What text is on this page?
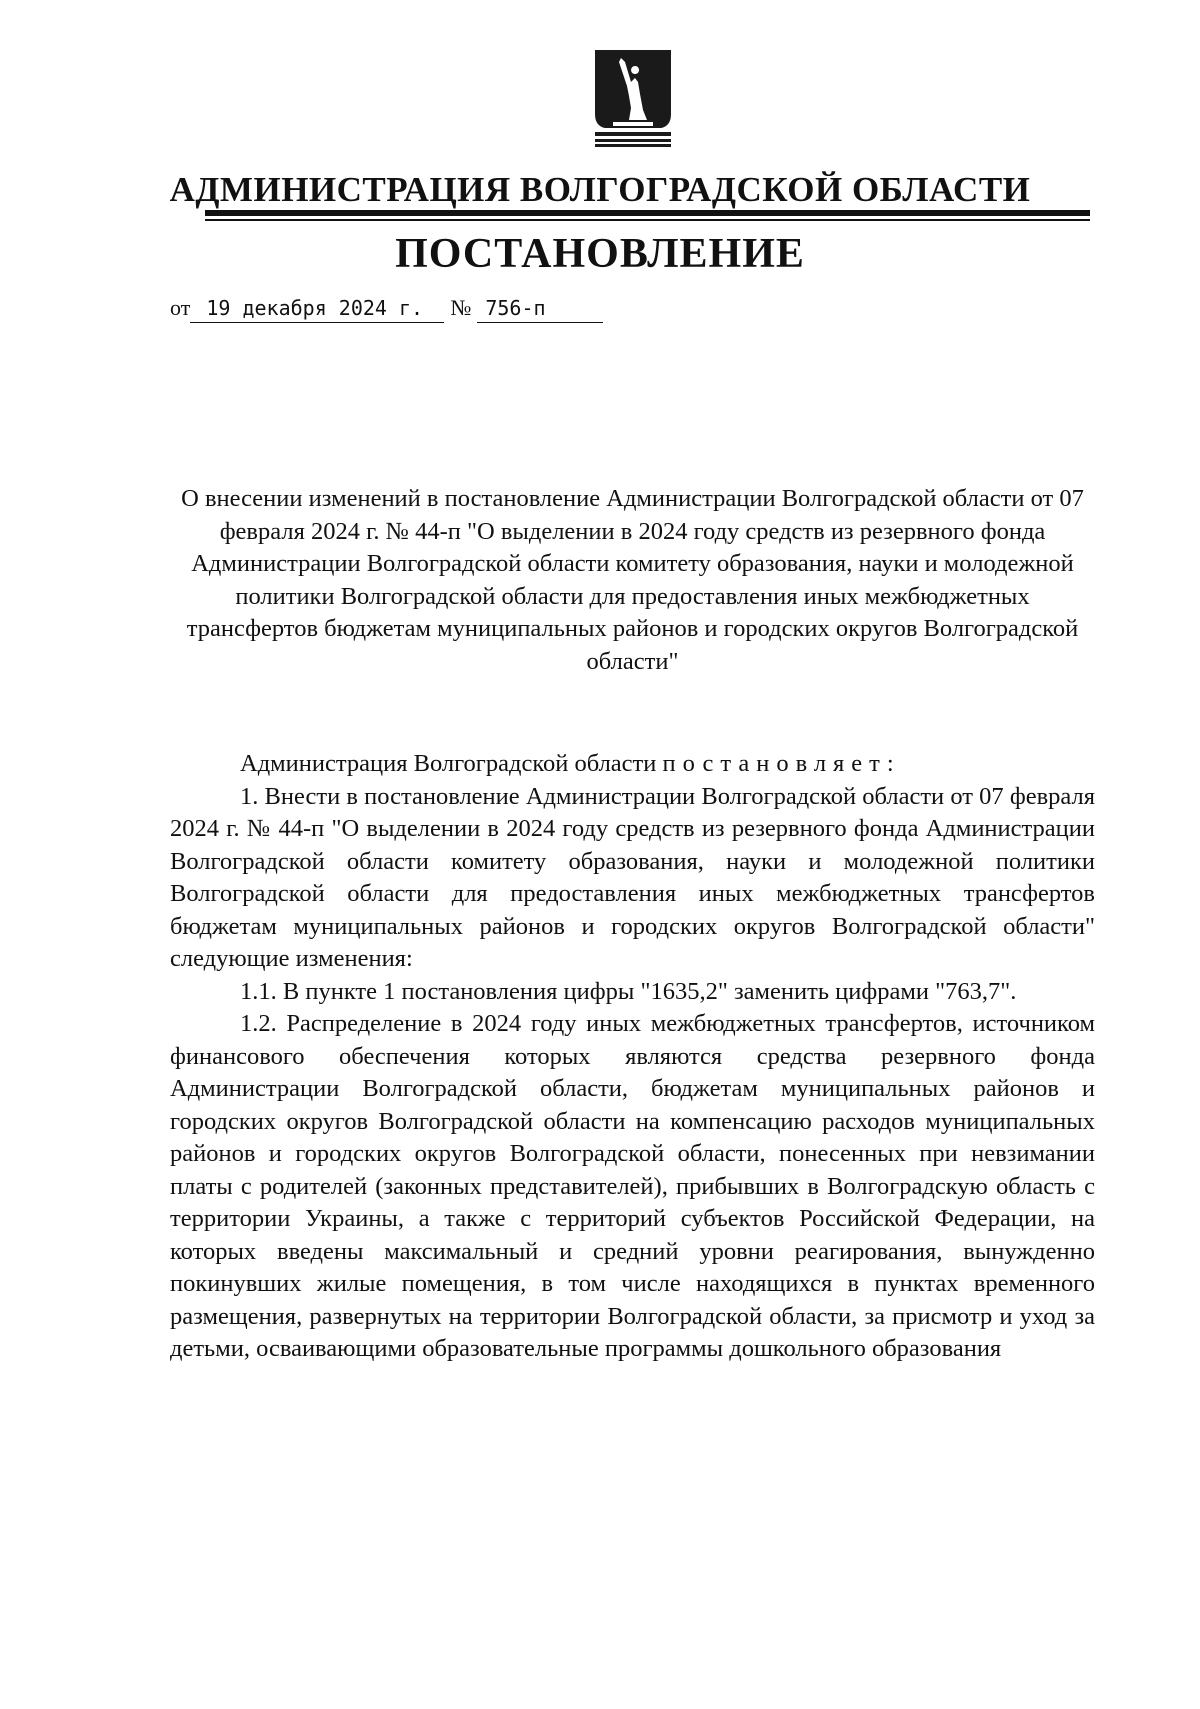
АДМИНИСТРАЦИЯ ВОЛГОГРАДСКОЙ ОБЛАСТИ
ПОСТАНОВЛЕНИЕ
от 19 декабря 2024 г. № 756-п
О внесении изменений в постановление Администрации Волгоградской области от 07 февраля 2024 г. № 44-п "О выделении в 2024 году средств из резервного фонда Администрации Волгоградской области комитету образования, науки и молодежной политики Волгоградской области для предоставления иных межбюджетных трансфертов бюджетам муниципальных районов и городских округов Волгоградской области"

Администрация Волгоградской области постановляет:

1. Внести в постановление Администрации Волгоградской области от 07 февраля 2024 г. № 44-п "О выделении в 2024 году средств из резервного фонда Администрации Волгоградской области комитету образования, науки и молодежной политики Волгоградской области для предоставления иных межбюджетных трансфертов бюджетам муниципальных районов и городских округов Волгоградской области" следующие изменения:

1.1. В пункте 1 постановления цифры "1635,2" заменить цифрами "763,7".

1.2. Распределение в 2024 году иных межбюджетных трансфертов, источником финансового обеспечения которых являются средства резервного фонда Администрации Волгоградской области, бюджетам муниципальных районов и городских округов Волгоградской области на компенсацию расходов муниципальных районов и городских округов Волгоградской области, понесенных при невзимании платы с родителей (законных представителей), прибывших в Волгоградскую область с территории Украины, а также с территорий субъектов Российской Федерации, на которых введены максимальный и средний уровни реагирования, вынужденно покинувших жилые помещения, в том числе находящихся в пунктах временного размещения, развернутых на территории Волгоградской области, за присмотр и уход за детьми, осваивающими образовательные программы дошкольного образования
